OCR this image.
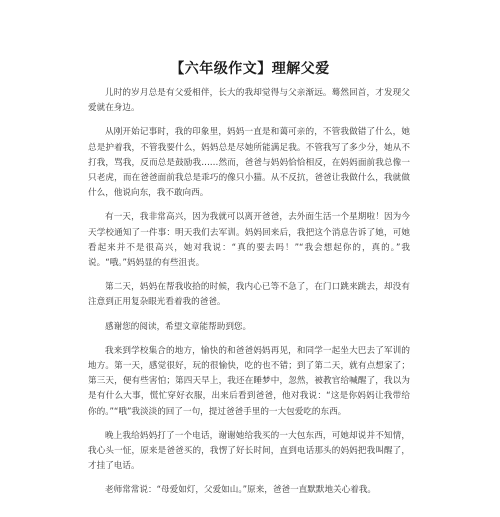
【六年级作文】理解父爱

儿时的岁月总是有父爱相伴，长大的我却觉得与父亲渐远。蓦然回首，才发现父爱就在身边。

从刚开始记事时，我的印象里，妈妈一直是和蔼可亲的，不管我做错了什么，她总是护着我，不管我要什么，妈妈总是尽她所能满足我。不管我写了多少分，她从不打我，骂我，反而总是鼓励我……然而，爸爸与妈妈恰恰相反，在妈妈面前我总像一只老虎，而在爸爸面前我总是乖巧的像只小猫。从不反抗，爸爸让我做什么，我就做什么，他说向东，我不敢向西。

有一天，我非常高兴，因为我就可以离开爸爸，去外面生活一个星期啦！因为今天学校通知了一件事：明天我们去军训。妈妈回来后，我把这个消息告诉了她，可她看起来并不是很高兴，她对我说：“真的要去吗！”“我会想起你的，真的。”我说。“哦。”妈妈显的有些沮丧。

第二天，妈妈在帮我收拾的时候，我内心已等不急了，在门口跳来跳去，却没有注意到正用复杂眼光看着我的爸爸。

感谢您的阅读，希望文章能帮助到您。

我来到学校集合的地方，愉快的和爸爸妈妈再见，和同学一起坐大巴去了军训的地方。第一天，感觉很好，玩的很愉快，吃的也不错；到了第二天，就有点想家了；第三天，便有些害怕；第四天早上，我还在睡梦中，忽然，被教官给喊醒了，我以为是有什么大事，慌忙穿好衣服，出来后看到爸爸，他对我说：“这是你妈妈让我带给你的。”“哦”我淡淡的回了一句，提过爸爸手里的一大包爱吃的东西。

晚上我给妈妈打了一个电话，谢谢她给我买的一大包东西，可她却说并不知情，我心头一怔，原来是爸爸买的，我愣了好长时间，直到电话那头的妈妈把我叫醒了，才挂了电话。

老师常常说：“母爱如灯，父爱如山。”原来，爸爸一直默默地关心着我。
